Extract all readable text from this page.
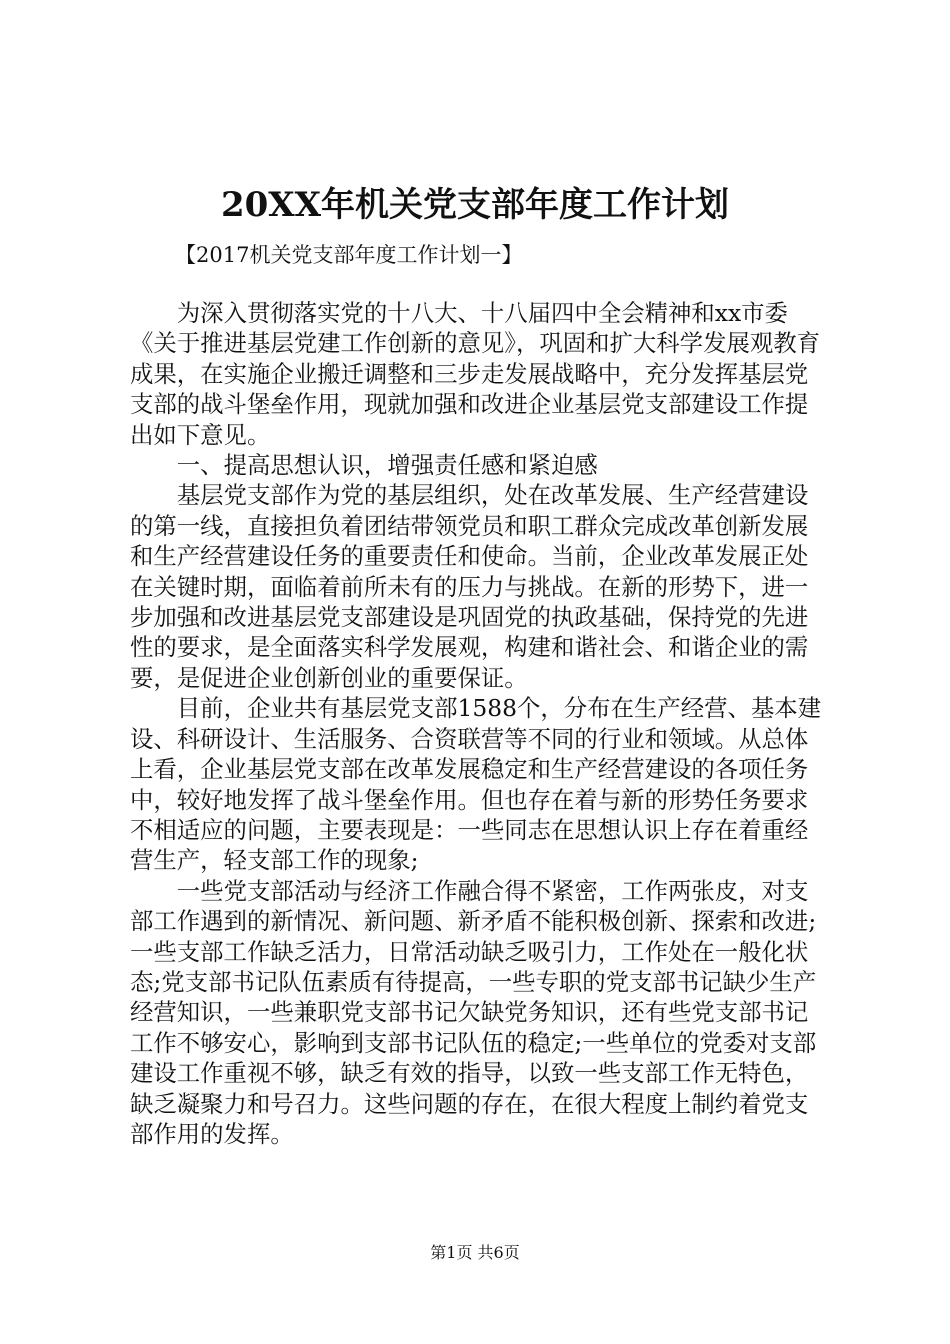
20XX年机关党支部年度工作计划
【2017机关党支部年度工作计划一】

为深入贯彻落实党的十八大、十八届四中全会精神和xx市委《关于推进基层党建工作创新的意见》，巩固和扩大科学发展观教育成果，在实施企业搬迁调整和三步走发展战略中，充分发挥基层党支部的战斗堡垒作用，现就加强和改进企业基层党支部建设工作提出如下意见。

一、提高思想认识，增强责任感和紧迫感

基层党支部作为党的基层组织，处在改革发展、生产经营建设的第一线，直接担负着团结带领党员和职工群众完成改革创新发展和生产经营建设任务的重要责任和使命。当前，企业改革发展正处在关键时期，面临着前所未有的压力与挑战。在新的形势下，进一步加强和改进基层党支部建设是巩固党的执政基础，保持党的先进性的要求，是全面落实科学发展观，构建和谐社会、和谐企业的需要，是促进企业创新创业的重要保证。

目前，企业共有基层党支部1588个，分布在生产经营、基本建设、科研设计、生活服务、合资联营等不同的行业和领域。从总体上看，企业基层党支部在改革发展稳定和生产经营建设的各项任务中，较好地发挥了战斗堡垒作用。但也存在着与新的形势任务要求不相适应的问题，主要表现是：一些同志在思想认识上存在着重经营生产，轻支部工作的现象;

一些党支部活动与经济工作融合得不紧密，工作两张皮，对支部工作遇到的新情况、新问题、新矛盾不能积极创新、探索和改进;一些支部工作缺乏活力，日常活动缺乏吸引力，工作处在一般化状态;党支部书记队伍素质有待提高，一些专职的党支部书记缺少生产经营知识，一些兼职党支部书记欠缺党务知识，还有些党支部书记工作不够安心，影响到支部书记队伍的稳定;一些单位的党委对支部建设工作重视不够，缺乏有效的指导，以致一些支部工作无特色，缺乏凝聚力和号召力。这些问题的存在，在很大程度上制约着党支部作用的发挥。

第1页 共6页
